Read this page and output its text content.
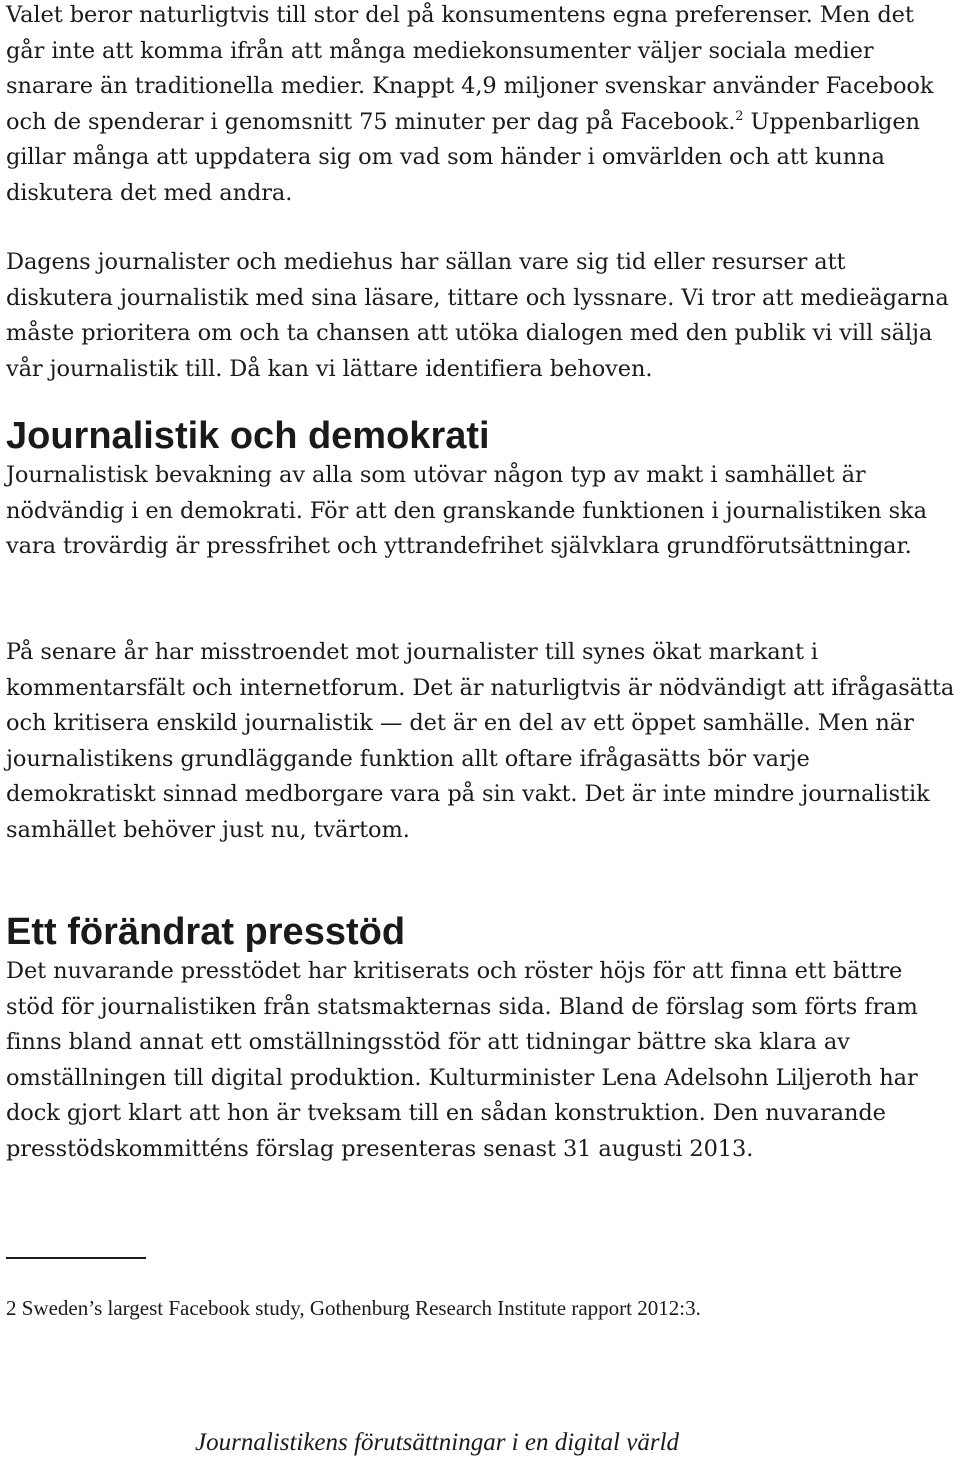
Valet beror naturligtvis till stor del på konsumentens egna preferenser. Men det går inte att komma ifrån att många mediekonsumenter väljer sociala medier snarare än traditionella medier. Knappt 4,9 miljoner svenskar använder Facebook och de spenderar i genomsnitt 75 minuter per dag på Facebook.$^2$ Uppenbarligen gillar många att uppdatera sig om vad som händer i omvärlden och att kunna diskutera det med andra.

Dagens journalister och mediehus har sällan vare sig tid eller resurser att diskutera journalistik med sina läsare, tittare och lyssnare. Vi tror att medieägarna måste prioritera om och ta chansen att utöka dialogen med den publik vi vill sälja vår journalistik till. Då kan vi lättare identifiera behoven.

Journalistik och demokrati

Journalistisk bevakning av alla som utövar någon typ av makt i samhället är nödvändig i en demokrati. För att den granskande funktionen i journalistiken ska vara trovärdig är pressfrihet och yttrandefrihet självklara grundförutsättningar.

På senare år har misstroendet mot journalister till synes ökat markant i kommentarsfält och internetforum. Det är naturligtvis är nödvändigt att ifrågasätta och kritisera enskild journalistik — det är en del av ett öppet samhälle. Men när journalistikens grundläggande funktion allt oftare ifrågasätts bör varje demokratiskt sinnad medborgare vara på sin vakt. Det är inte mindre journalistik samhället behöver just nu, tvärtom.

Ett förändrat presstöd

Det nuvarande presstödet har kritiserats och röster höjs för att finna ett bättre stöd för journalistiken från statsmakternas sida. Bland de förslag som förts fram finns bland annat ett omställningsstöd för att tidningar bättre ska klara av omställningen till digital produktion. Kulturminister Lena Adelsohn Liljeroth har dock gjort klart att hon är tveksam till en sådan konstruktion. Den nuvarande presstödskommitténs förslag presenteras senast 31 augusti 2013.

2 Sweden’s largest Facebook study, Gothenburg Research Institute rapport 2012:3.

Journalistikens förutsättningar i en digital värld
